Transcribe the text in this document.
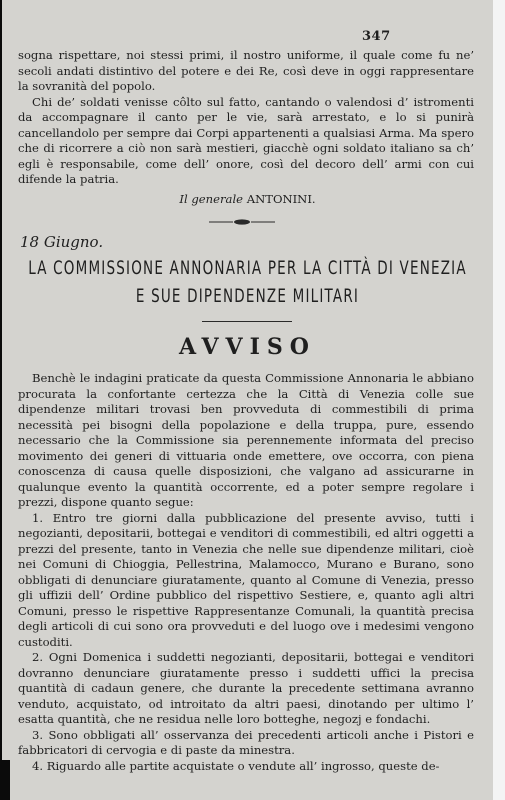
347

sogna rispettare, noi stessi primi, il nostro uniforme, il quale come fu ne’ secoli andati distintivo del potere e dei Re, così deve in oggi rappresentare la sovranità del popolo.

Chi de’ soldati venisse côlto sul fatto, cantando o valendosi d’ istromenti da accompagnare il canto per le vie, sarà arrestato, e lo si punirà cancellandolo per sempre dai Corpi appartenenti a qualsiasi Arma. Ma spero che di ricorrere a ciò non sarà mestieri, giacchè ogni soldato italiano sa ch’ egli è responsabile, come dell’ onore, così del decoro dell’ armi con cui difende la patria.

Il generale ANTONINI.
18 Giugno.
LA COMMISSIONE ANNONARIA PER LA CITTÀ DI VENEZIA
E SUE DIPENDENZE MILITARI
AVVISO

Benchè le indagini praticate da questa Commissione Annonaria le abbiano procurata la confortante certezza che la Città di Venezia colle sue dipendenze militari trovasi ben provveduta di commestibili di prima necessità pei bisogni della popolazione e della truppa, pure, essendo necessario che la Commissione sia perennemente informata del preciso movimento dei generi di vittuaria onde emettere, ove occorra, con piena conoscenza di causa quelle disposizioni, che valgano ad assicurarne in qualunque evento la quantità occorrente, ed a poter sempre regolare i prezzi, dispone quanto segue:

1. Entro tre giorni dalla pubblicazione del presente avviso, tutti i negozianti, depositarii, bottegai e venditori di commestibili, ed altri oggetti a prezzi del presente, tanto in Venezia che nelle sue dipendenze militari, cioè nei Comuni di Chioggia, Pellestrina, Malamocco, Murano e Burano, sono obbligati di denunciare giuratamente, quanto al Comune di Venezia, presso gli uffizii dell’ Ordine pubblico del rispettivo Sestiere, e, quanto agli altri Comuni, presso le rispettive Rappresentanze Comunali, la quantità precisa degli articoli di cui sono ora provveduti e del luogo ove i medesimi vengono custoditi.

2. Ogni Domenica i suddetti negozianti, depositarii, bottegai e venditori dovranno denunciare giuratamente presso i suddetti uffici la precisa quantità di cadaun genere, che durante la precedente settimana avranno venduto, acquistato, od introitato da altri paesi, dinotando per ultimo l’ esatta quantità, che ne residua nelle loro botteghe, negozj e fondachi.

3. Sono obbligati all’ osservanza dei precedenti articoli anche i Pistori e fabbricatori di cervogia e di paste da minestra.

4. Riguardo alle partite acquistate o vendute all’ ingrosso, queste de-
